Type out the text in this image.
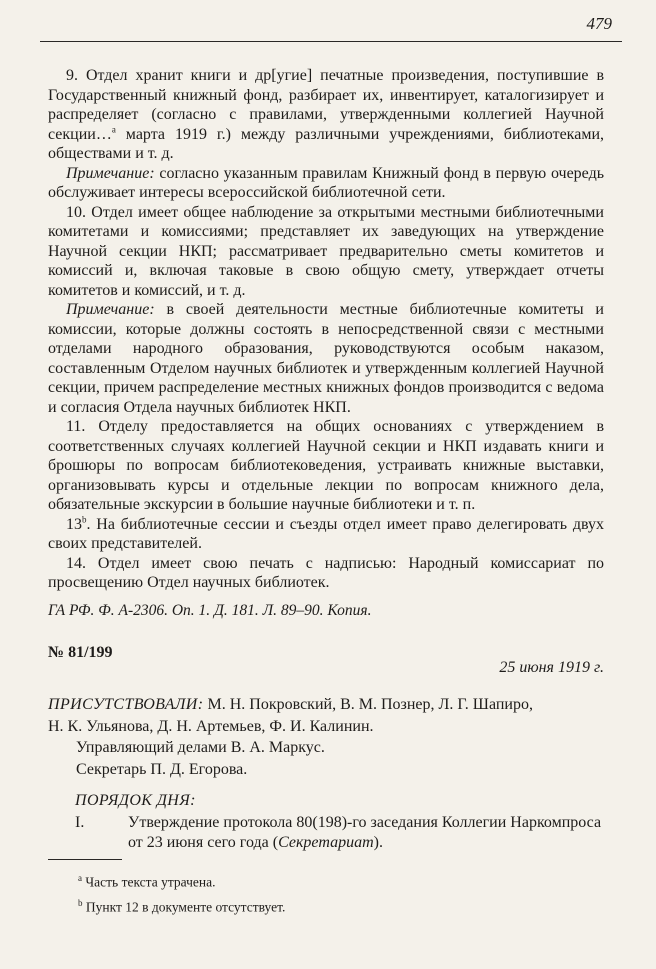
479

9. Отдел хранит книги и др[угие] печатные произведения, поступившие в Государственный книжный фонд, разбирает их, инвентирует, каталогизирует и распределяет (согласно с правилами, утвержденными коллегией Научной секции…$^a$ марта 1919 г.) между различными учреждениями, библиотеками, обществами и т. д.

Примечание: согласно указанным правилам Книжный фонд в первую очередь обслуживает интересы всероссийской библиотечной сети.

10. Отдел имеет общее наблюдение за открытыми местными библиотечными комитетами и комиссиями; представляет их заведующих на утверждение Научной секции НКП; рассматривает предварительно сметы комитетов и комиссий и, включая таковые в свою общую смету, утверждает отчеты комитетов и комиссий, и т. д.

Примечание: в своей деятельности местные библиотечные комитеты и комиссии, которые должны состоять в непосредственной связи с местными отделами народного образования, руководствуются особым наказом, составленным Отделом научных библиотек и утвержденным коллегией Научной секции, причем распределение местных книжных фондов производится с ведома и согласия Отдела научных библиотек НКП.

11. Отделу предоставляется на общих основаниях с утверждением в соответственных случаях коллегией Научной секции и НКП издавать книги и брошюры по вопросам библиотековедения, устраивать книжные выставки, организовывать курсы и отдельные лекции по вопросам книжного дела, обязательные экскурсии в большие научные библиотеки и т. п.

13$^b$. На библиотечные сессии и съезды отдел имеет право делегировать двух своих представителей.

14. Отдел имеет свою печать с надписью: Народный комиссариат по просвещению Отдел научных библиотек.

ГА РФ. Ф. А-2306. Оп. 1. Д. 181. Л. 89–90. Копия.

№ 81/199
25 июня 1919 г.

ПРИСУТСТВОВАЛИ: М. Н. Покровский, В. М. Познер, Л. Г. Шапиро,

Н. К. Ульянова, Д. Н. Артемьев, Ф. И. Калинин.

Управляющий делами В. А. Маркус.

Секретарь П. Д. Егорова.

ПОРЯДОК ДНЯ:
I.	Утверждение протокола 80(198)-го заседания Коллегии Наркомпроса от 23 июня сего года (Секретариат).

$^a$ Часть текста утрачена.

$^b$ Пункт 12 в документе отсутствует.
